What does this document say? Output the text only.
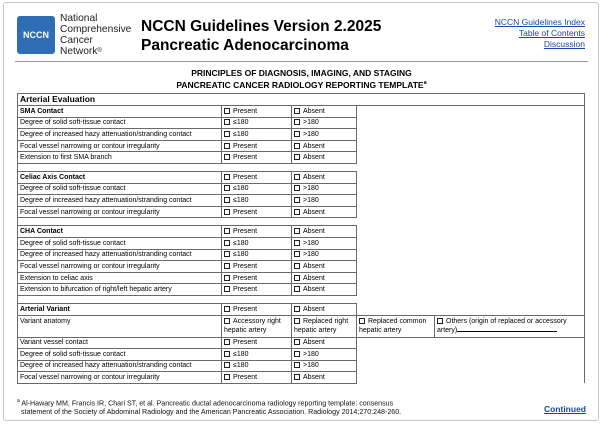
NCCN
National
Comprehensive
Cancer
Network®
NCCN Guidelines Version 2.2025
Pancreatic Adenocarcinoma
NCCN Guidelines Index
Table of Contents
Discussion
PRINCIPLES OF DIAGNOSIS, IMAGING, AND STAGING
PANCREATIC CANCER RADIOLOGY REPORTING TEMPLATE$^a$
Arterial Evaluation				
SMA Contact	Present	Absent		
Degree of solid soft-tissue contact	≤180	>180		
Degree of increased hazy attenuation/stranding contact	≤180	>180		
Focal vessel narrowing or contour irregularity	Present	Absent		
Extension to first SMA branch	Present	Absent		

Celiac Axis Contact	Present	Absent		
Degree of solid soft-tissue contact	≤180	>180		
Degree of increased hazy attenuation/stranding contact	≤180	>180		
Focal vessel narrowing or contour irregularity	Present	Absent		

CHA Contact	Present	Absent		
Degree of solid soft-tissue contact	≤180	>180		
Degree of increased hazy attenuation/stranding contact	≤180	>180		
Focal vessel narrowing or contour irregularity	Present	Absent		
Extension to celiac axis	Present	Absent		
Extension to bifurcation of right/left hepatic artery	Present	Absent		

Arterial Variant	Present	Absent		
Variant anatomy	Accessory right hepatic artery	Replaced right hepatic artery	Replaced common hepatic artery	Others (origin of replaced or accessory artery)
Variant vessel contact	Present	Absent		
Degree of solid soft-tissue contact	≤180	>180		
Degree of increased hazy attenuation/stranding contact	≤180	>180		
Focal vessel narrowing or contour irregularity	Present	Absent		
$^a$ Al-Hawary MM, Francis IR, Chari ST, et al. Pancreatic ductal adenocarcinoma radiology reporting template: consensus
statement of the Society of Abdominal Radiology and the American Pancreatic Association. Radiology 2014;270:248-260.	Continued
